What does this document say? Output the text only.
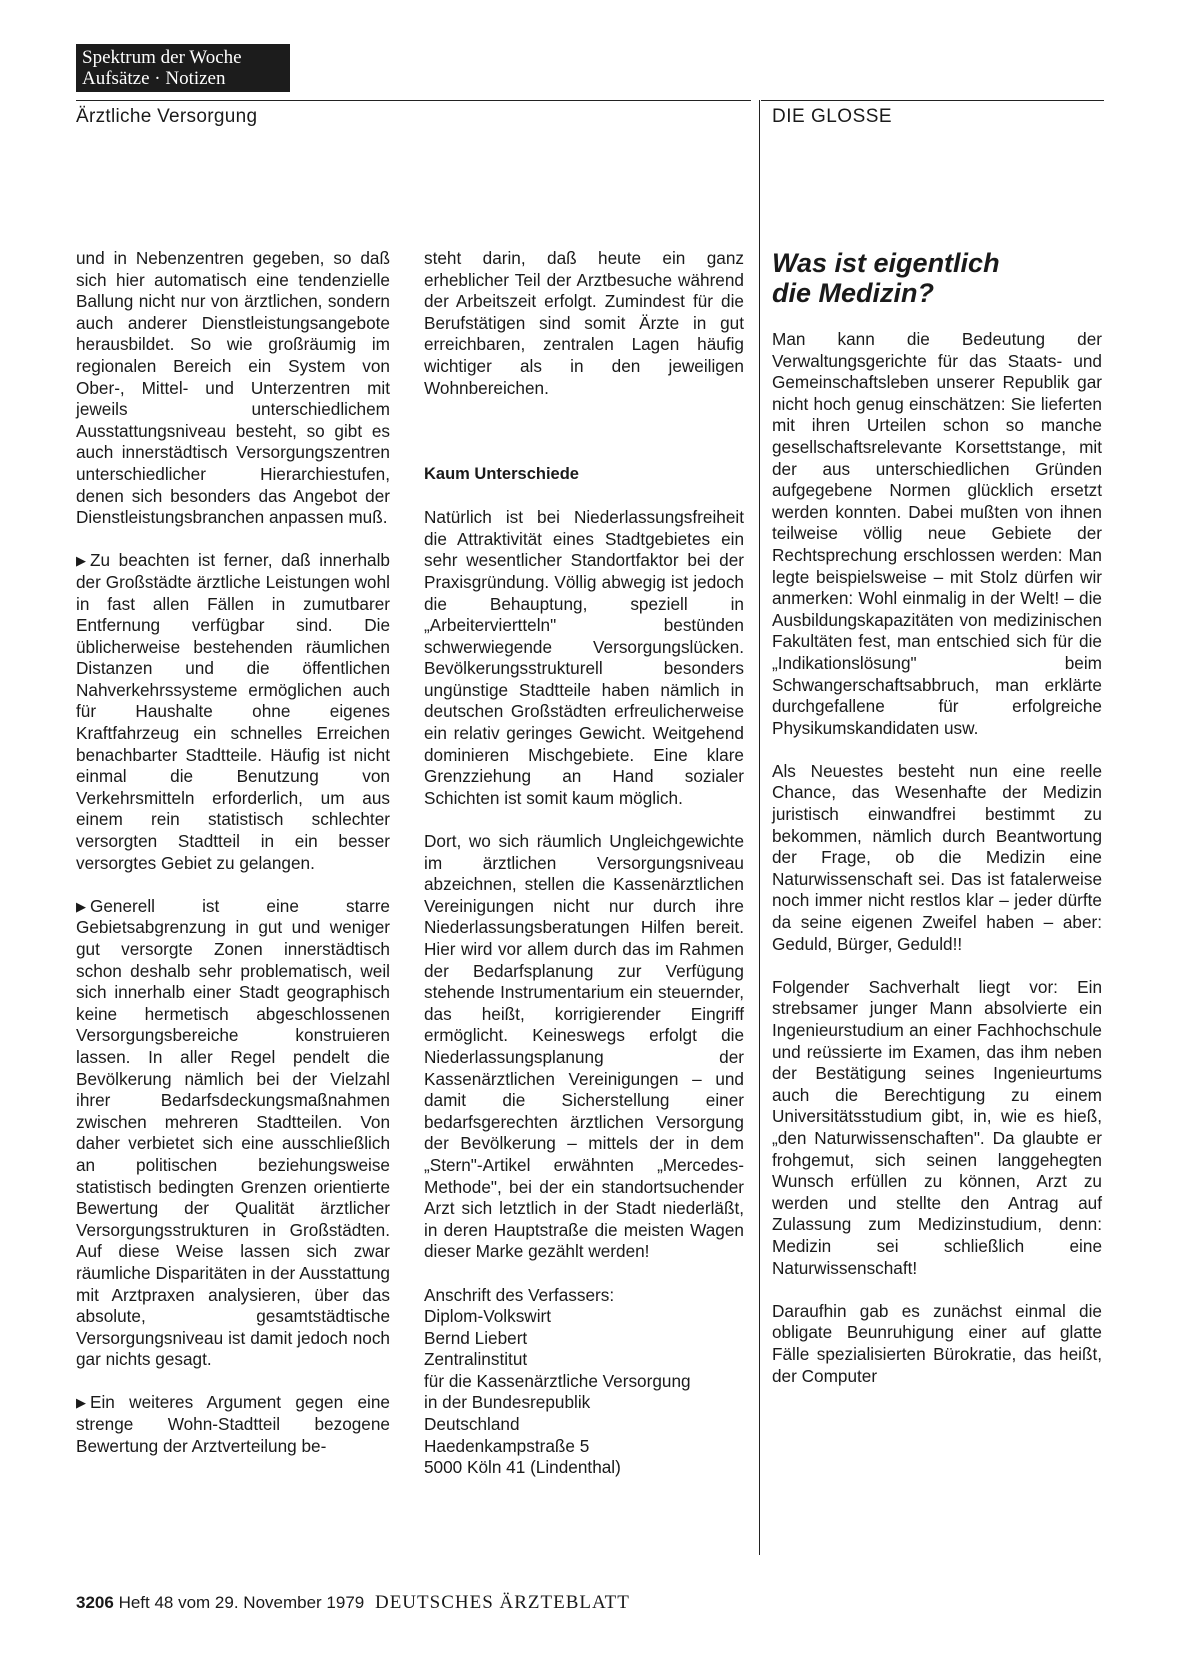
Spektrum der Woche
Aufsätze · Notizen
Ärztliche Versorgung	DIE GLOSSE

und in Nebenzentren gegeben, so daß sich hier automatisch eine tendenzielle Ballung nicht nur von ärztlichen, sondern auch anderer Dienstleistungsangebote herausbildet. So wie großräumig im regionalen Bereich ein System von Ober-, Mittel- und Unterzentren mit jeweils unterschiedlichem Ausstattungsniveau besteht, so gibt es auch innerstädtisch Versorgungszentren unterschiedlicher Hierarchiestufen, denen sich besonders das Angebot der Dienstleistungsbranchen anpassen muß.

▶ Zu beachten ist ferner, daß innerhalb der Großstädte ärztliche Leistungen wohl in fast allen Fällen in zumutbarer Entfernung verfügbar sind. Die üblicherweise bestehenden räumlichen Distanzen und die öffentlichen Nahverkehrssysteme ermöglichen auch für Haushalte ohne eigenes Kraftfahrzeug ein schnelles Erreichen benachbarter Stadtteile. Häufig ist nicht einmal die Benutzung von Verkehrsmitteln erforderlich, um aus einem rein statistisch schlechter versorgten Stadtteil in ein besser versorgtes Gebiet zu gelangen.

▶ Generell ist eine starre Gebietsabgrenzung in gut und weniger gut versorgte Zonen innerstädtisch schon deshalb sehr problematisch, weil sich innerhalb einer Stadt geographisch keine hermetisch abgeschlossenen Versorgungsbereiche konstruieren lassen. In aller Regel pendelt die Bevölkerung nämlich bei der Vielzahl ihrer Bedarfsdeckungsmaßnahmen zwischen mehreren Stadtteilen. Von daher verbietet sich eine ausschließlich an politischen beziehungsweise statistisch bedingten Grenzen orientierte Bewertung der Qualität ärztlicher Versorgungsstrukturen in Großstädten. Auf diese Weise lassen sich zwar räumliche Disparitäten in der Ausstattung mit Arztpraxen analysieren, über das absolute, gesamtstädtische Versorgungsniveau ist damit jedoch noch gar nichts gesagt.

▶ Ein weiteres Argument gegen eine strenge Wohn-Stadtteil bezogene Bewertung der Arztverteilung be-

steht darin, daß heute ein ganz erheblicher Teil der Arztbesuche während der Arbeitszeit erfolgt. Zumindest für die Berufstätigen sind somit Ärzte in gut erreichbaren, zentralen Lagen häufig wichtiger als in den jeweiligen Wohnbereichen.

Kaum Unterschiede

Natürlich ist bei Niederlassungsfreiheit die Attraktivität eines Stadtgebietes ein sehr wesentlicher Standortfaktor bei der Praxisgründung. Völlig abwegig ist jedoch die Behauptung, speziell in „Arbeiterviertteln" bestünden schwerwiegende Versorgungslücken. Bevölkerungsstrukturell besonders ungünstige Stadtteile haben nämlich in deutschen Großstädten erfreulicherweise ein relativ geringes Gewicht. Weitgehend dominieren Mischgebiete. Eine klare Grenzziehung an Hand sozialer Schichten ist somit kaum möglich.

Dort, wo sich räumlich Ungleichgewichte im ärztlichen Versorgungsniveau abzeichnen, stellen die Kassenärztlichen Vereinigungen nicht nur durch ihre Niederlassungsberatungen Hilfen bereit. Hier wird vor allem durch das im Rahmen der Bedarfsplanung zur Verfügung stehende Instrumentarium ein steuernder, das heißt, korrigierender Eingriff ermöglicht. Keineswegs erfolgt die Niederlassungsplanung der Kassenärztlichen Vereinigungen – und damit die Sicherstellung einer bedarfsgerechten ärztlichen Versorgung der Bevölkerung – mittels der in dem „Stern"-Artikel erwähnten „Mercedes-Methode", bei der ein standortsuchender Arzt sich letztlich in der Stadt niederläßt, in deren Hauptstraße die meisten Wagen dieser Marke gezählt werden!

Anschrift des Verfassers:

Diplom-Volkswirt

Bernd Liebert

Zentralinstitut

für die Kassenärztliche Versorgung

in der Bundesrepublik

Deutschland

Haedenkampstraße 5

5000 Köln 41 (Lindenthal)

Was ist eigentlich
die Medizin?

Man kann die Bedeutung der Verwaltungsgerichte für das Staats- und Gemeinschaftsleben unserer Republik gar nicht hoch genug einschätzen: Sie lieferten mit ihren Urteilen schon so manche gesellschaftsrelevante Korsettstange, mit der aus unterschiedlichen Gründen aufgegebene Normen glücklich ersetzt werden konnten. Dabei mußten von ihnen teilweise völlig neue Gebiete der Rechtsprechung erschlossen werden: Man legte beispielsweise – mit Stolz dürfen wir anmerken: Wohl einmalig in der Welt! – die Ausbildungskapazitäten von medizinischen Fakultäten fest, man entschied sich für die „Indikationslösung" beim Schwangerschaftsabbruch, man erklärte durchgefallene für erfolgreiche Physikumskandidaten usw.

Als Neuestes besteht nun eine reelle Chance, das Wesenhafte der Medizin juristisch einwandfrei bestimmt zu bekommen, nämlich durch Beantwortung der Frage, ob die Medizin eine Naturwissenschaft sei. Das ist fatalerweise noch immer nicht restlos klar – jeder dürfte da seine eigenen Zweifel haben – aber: Geduld, Bürger, Geduld!!

Folgender Sachverhalt liegt vor: Ein strebsamer junger Mann absolvierte ein Ingenieurstudium an einer Fachhochschule und reüssierte im Examen, das ihm neben der Bestätigung seines Ingenieurtums auch die Berechtigung zu einem Universitätsstudium gibt, in, wie es hieß, „den Naturwissenschaften". Da glaubte er frohgemut, sich seinen langgehegten Wunsch erfüllen zu können, Arzt zu werden und stellte den Antrag auf Zulassung zum Medizinstudium, denn: Medizin sei schließlich eine Naturwissenschaft!

Daraufhin gab es zunächst einmal die obligate Beunruhigung einer auf glatte Fälle spezialisierten Bürokratie, das heißt, der Computer

3206 Heft 48 vom 29. November 1979 DEUTSCHES ÄRZTEBLATT
